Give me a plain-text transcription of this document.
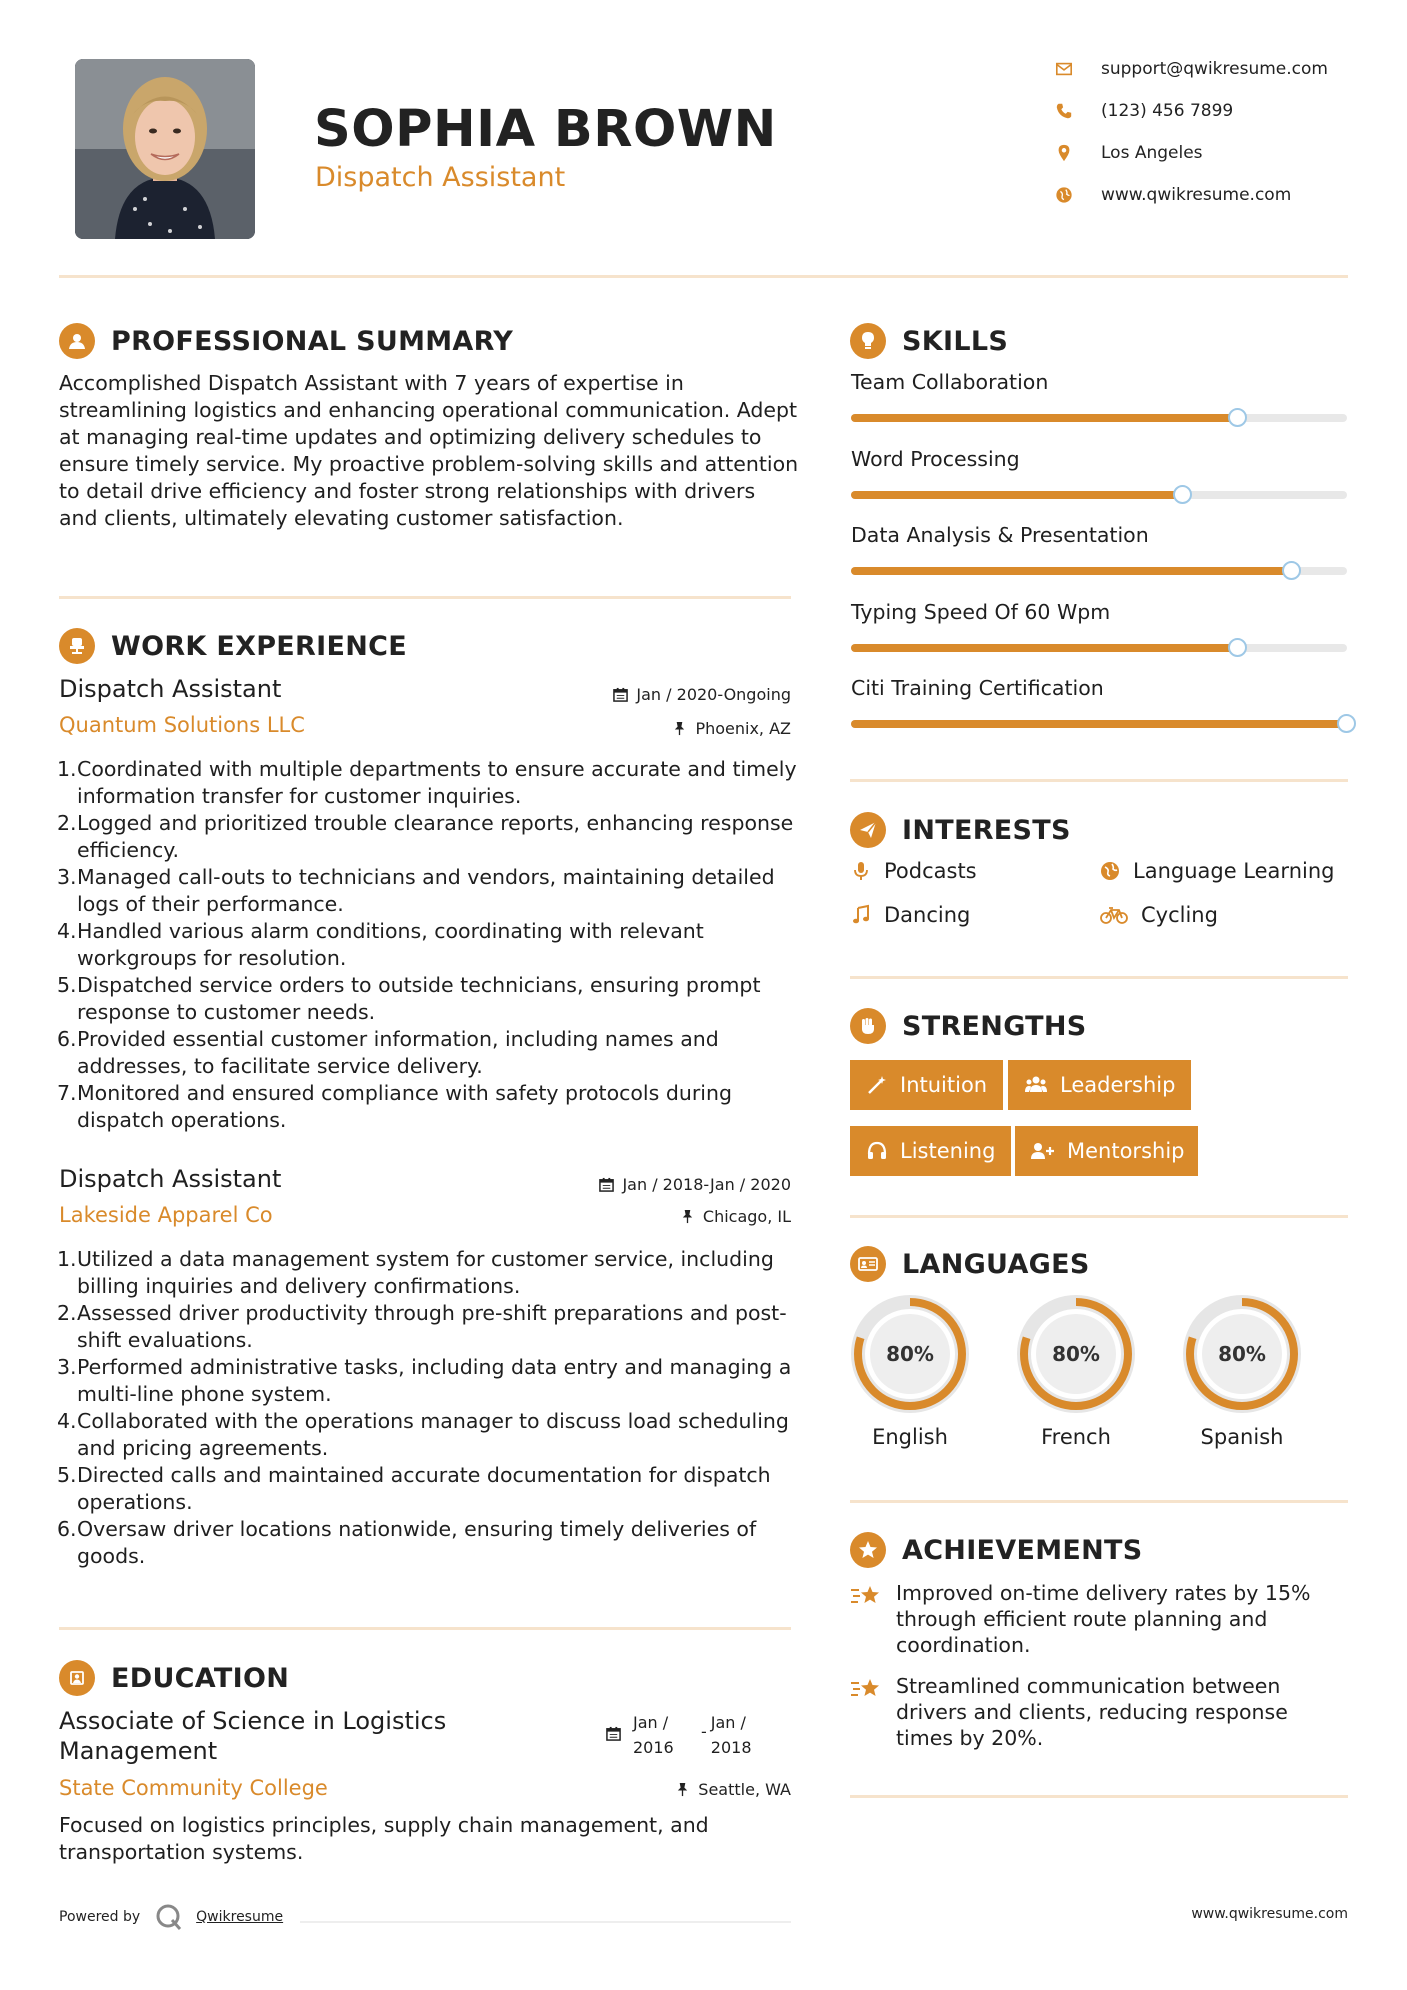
SOPHIA BROWN
Dispatch Assistant
support@qwikresume.com
(123) 456 7899
Los Angeles
www.qwikresume.com
PROFESSIONAL SUMMARY
Accomplished Dispatch Assistant with 7 years of expertise in streamlining logistics and enhancing operational communication. Adept at managing real-time updates and optimizing delivery schedules to ensure timely service. My proactive problem-solving skills and attention to detail drive efficiency and foster strong relationships with drivers and clients, ultimately elevating customer satisfaction.
WORK EXPERIENCE
Dispatch Assistant	Jan / 2020-Ongoing
Quantum Solutions LLC	Phoenix, AZ
1. Coordinated with multiple departments to ensure accurate and timely information transfer for customer inquiries.
2. Logged and prioritized trouble clearance reports, enhancing response efficiency.
3. Managed call-outs to technicians and vendors, maintaining detailed logs of their performance.
4. Handled various alarm conditions, coordinating with relevant workgroups for resolution.
5. Dispatched service orders to outside technicians, ensuring prompt response to customer needs.
6. Provided essential customer information, including names and addresses, to facilitate service delivery.
7. Monitored and ensured compliance with safety protocols during dispatch operations.
Dispatch Assistant	Jan / 2018-Jan / 2020
Lakeside Apparel Co	Chicago, IL
1. Utilized a data management system for customer service, including billing inquiries and delivery confirmations.
2. Assessed driver productivity through pre-shift preparations and post-shift evaluations.
3. Performed administrative tasks, including data entry and managing a multi-line phone system.
4. Collaborated with the operations manager to discuss load scheduling and pricing agreements.
5. Directed calls and maintained accurate documentation for dispatch operations.
6. Oversaw driver locations nationwide, ensuring timely deliveries of goods.
EDUCATION
Associate of Science in Logistics Management
Jan / 2016
- Jan / 2018
State Community College	Seattle, WA
Focused on logistics principles, supply chain management, and transportation systems.
Powered by	Qwikresume	www.qwikresume.com
SKILLS
Team Collaboration
Word Processing
Data Analysis & Presentation
Typing Speed Of 60 Wpm
Citi Training Certification
INTERESTS
Podcasts	Language Learning
Dancing	Cycling
STRENGTHS
Intuition	Leadership
Listening	Mentorship
LANGUAGES
80%
English
80%
French
80%
Spanish
ACHIEVEMENTS
Improved on-time delivery rates by 15% through efficient route planning and coordination.
Streamlined communication between drivers and clients, reducing response times by 20%.
